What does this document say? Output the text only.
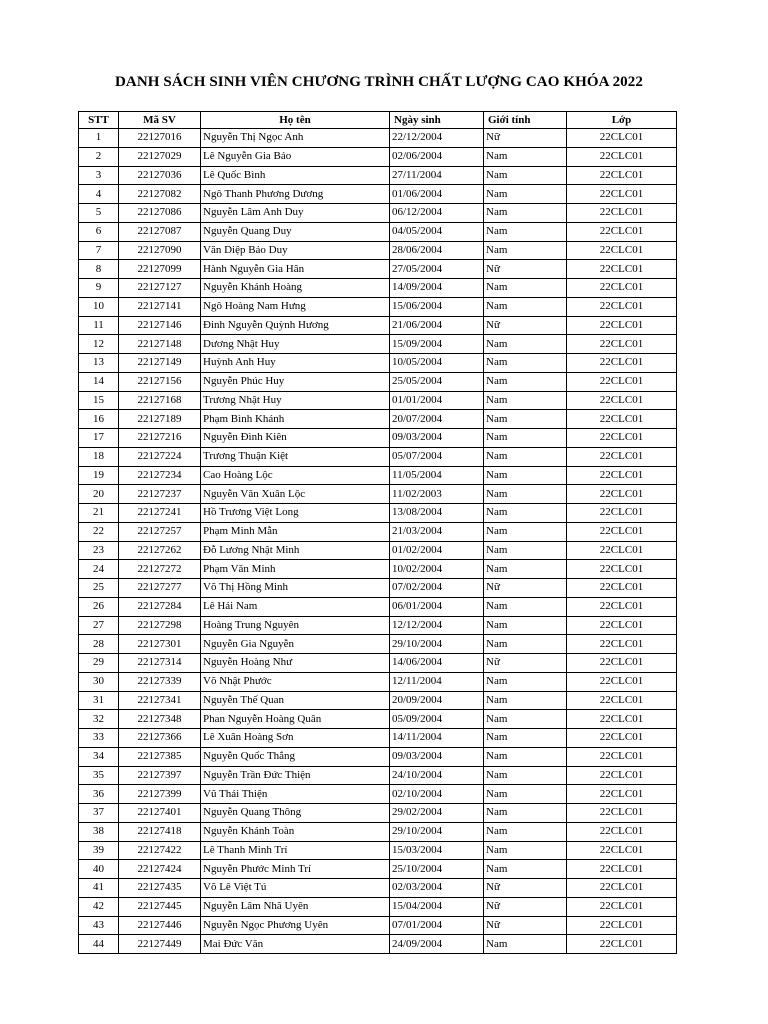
DANH SÁCH SINH VIÊN CHƯƠNG TRÌNH CHẤT LƯỢNG CAO KHÓA 2022
STT	Mã SV	Họ tên	Ngày sinh	Giới tính	Lớp
1	22127016	Nguyễn Thị Ngọc Anh	22/12/2004	Nữ	22CLC01
2	22127029	Lê Nguyễn Gia Bảo	02/06/2004	Nam	22CLC01
3	22127036	Lê Quốc Bình	27/11/2004	Nam	22CLC01
4	22127082	Ngô Thanh Phương Dương	01/06/2004	Nam	22CLC01
5	22127086	Nguyễn Lâm Anh Duy	06/12/2004	Nam	22CLC01
6	22127087	Nguyễn Quang Duy	04/05/2004	Nam	22CLC01
7	22127090	Văn Diệp Bảo Duy	28/06/2004	Nam	22CLC01
8	22127099	Hành Nguyễn Gia Hân	27/05/2004	Nữ	22CLC01
9	22127127	Nguyễn Khánh Hoàng	14/09/2004	Nam	22CLC01
10	22127141	Ngô Hoàng Nam Hưng	15/06/2004	Nam	22CLC01
11	22127146	Đinh Nguyễn Quỳnh Hương	21/06/2004	Nữ	22CLC01
12	22127148	Dương Nhật Huy	15/09/2004	Nam	22CLC01
13	22127149	Huỳnh Anh Huy	10/05/2004	Nam	22CLC01
14	22127156	Nguyễn Phúc Huy	25/05/2004	Nam	22CLC01
15	22127168	Trương Nhật Huy	01/01/2004	Nam	22CLC01
16	22127189	Phạm Bình Khánh	20/07/2004	Nam	22CLC01
17	22127216	Nguyễn Đình Kiên	09/03/2004	Nam	22CLC01
18	22127224	Trương Thuận Kiệt	05/07/2004	Nam	22CLC01
19	22127234	Cao Hoàng Lộc	11/05/2004	Nam	22CLC01
20	22127237	Nguyễn Văn Xuân Lộc	11/02/2003	Nam	22CLC01
21	22127241	Hồ Trương Việt Long	13/08/2004	Nam	22CLC01
22	22127257	Phạm Minh Mẫn	21/03/2004	Nam	22CLC01
23	22127262	Đỗ Lương Nhật Minh	01/02/2004	Nam	22CLC01
24	22127272	Phạm Văn Minh	10/02/2004	Nam	22CLC01
25	22127277	Võ Thị Hồng Minh	07/02/2004	Nữ	22CLC01
26	22127284	Lê Hải Nam	06/01/2004	Nam	22CLC01
27	22127298	Hoàng Trung Nguyên	12/12/2004	Nam	22CLC01
28	22127301	Nguyễn Gia Nguyễn	29/10/2004	Nam	22CLC01
29	22127314	Nguyễn Hoàng Như	14/06/2004	Nữ	22CLC01
30	22127339	Võ Nhật Phước	12/11/2004	Nam	22CLC01
31	22127341	Nguyễn Thế Quan	20/09/2004	Nam	22CLC01
32	22127348	Phan Nguyễn Hoàng Quân	05/09/2004	Nam	22CLC01
33	22127366	Lê Xuân Hoàng Sơn	14/11/2004	Nam	22CLC01
34	22127385	Nguyễn Quốc Thắng	09/03/2004	Nam	22CLC01
35	22127397	Nguyễn Trần Đức Thiện	24/10/2004	Nam	22CLC01
36	22127399	Vũ Thái Thiện	02/10/2004	Nam	22CLC01
37	22127401	Nguyễn Quang Thông	29/02/2004	Nam	22CLC01
38	22127418	Nguyễn Khánh Toàn	29/10/2004	Nam	22CLC01
39	22127422	Lê Thanh Minh Trí	15/03/2004	Nam	22CLC01
40	22127424	Nguyễn Phước Minh Trí	25/10/2004	Nam	22CLC01
41	22127435	Võ Lê Việt Tú	02/03/2004	Nữ	22CLC01
42	22127445	Nguyễn Lâm Nhã Uyên	15/04/2004	Nữ	22CLC01
43	22127446	Nguyễn Ngọc Phương Uyên	07/01/2004	Nữ	22CLC01
44	22127449	Mai Đức Văn	24/09/2004	Nam	22CLC01
